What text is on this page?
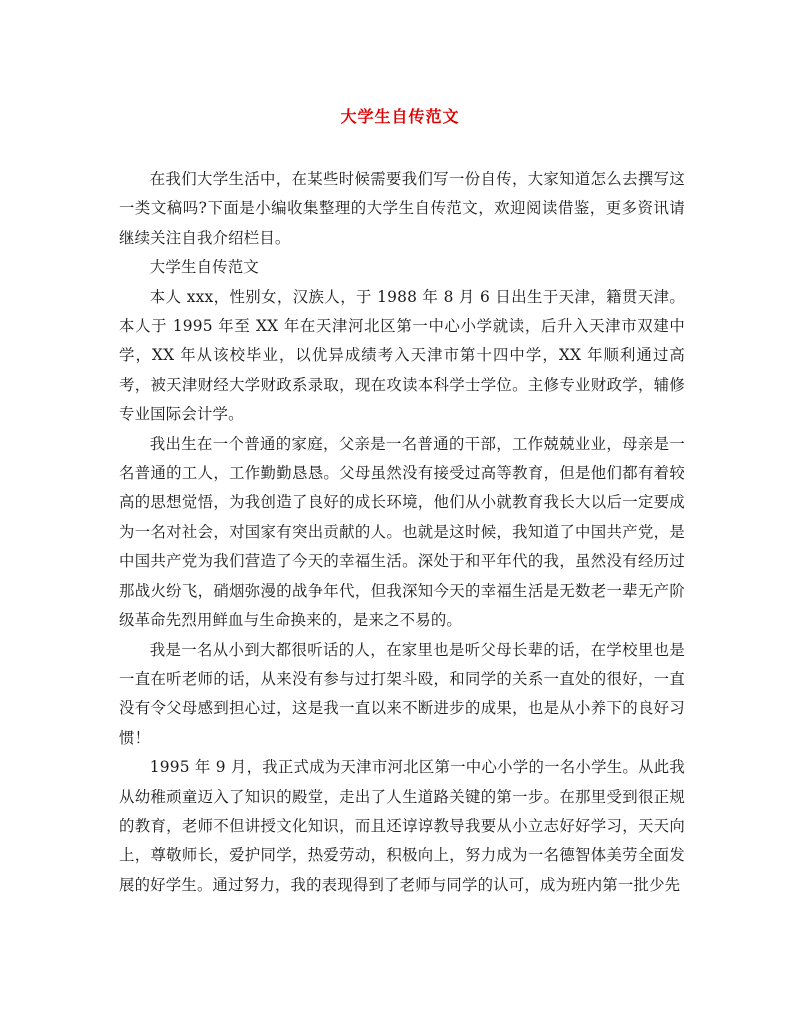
大学生自传范文

在我们大学生活中，在某些时候需要我们写一份自传，大家知道怎么去撰写这一类文稿吗?下面是小编收集整理的大学生自传范文，欢迎阅读借鉴，更多资讯请继续关注自我介绍栏目。

大学生自传范文

本人 xxx，性别女，汉族人，于 1988 年 8 月 6 日出生于天津，籍贯天津。本人于 1995 年至 XX 年在天津河北区第一中心小学就读，后升入天津市双建中学，XX 年从该校毕业，以优异成绩考入天津市第十四中学，XX 年顺利通过高考，被天津财经大学财政系录取，现在攻读本科学士学位。主修专业财政学，辅修专业国际会计学。

我出生在一个普通的家庭，父亲是一名普通的干部，工作兢兢业业，母亲是一名普通的工人，工作勤勤恳恳。父母虽然没有接受过高等教育，但是他们都有着较高的思想觉悟，为我创造了良好的成长环境，他们从小就教育我长大以后一定要成为一名对社会，对国家有突出贡献的人。也就是这时候，我知道了中国共产党，是中国共产党为我们营造了今天的幸福生活。深处于和平年代的我，虽然没有经历过那战火纷飞，硝烟弥漫的战争年代，但我深知今天的幸福生活是无数老一辈无产阶级革命先烈用鲜血与生命换来的，是来之不易的。

我是一名从小到大都很听话的人，在家里也是听父母长辈的话，在学校里也是一直在听老师的话，从来没有参与过打架斗殴，和同学的关系一直处的很好，一直没有令父母感到担心过，这是我一直以来不断进步的成果，也是从小养下的良好习惯！

1995 年 9 月，我正式成为天津市河北区第一中心小学的一名小学生。从此我从幼稚顽童迈入了知识的殿堂，走出了人生道路关键的第一步。在那里受到很正规的教育，老师不但讲授文化知识，而且还谆谆教导我要从小立志好好学习，天天向上，尊敬师长，爱护同学，热爱劳动，积极向上，努力成为一名德智体美劳全面发展的好学生。通过努力，我的表现得到了老师与同学的认可，成为班内第一批少先
